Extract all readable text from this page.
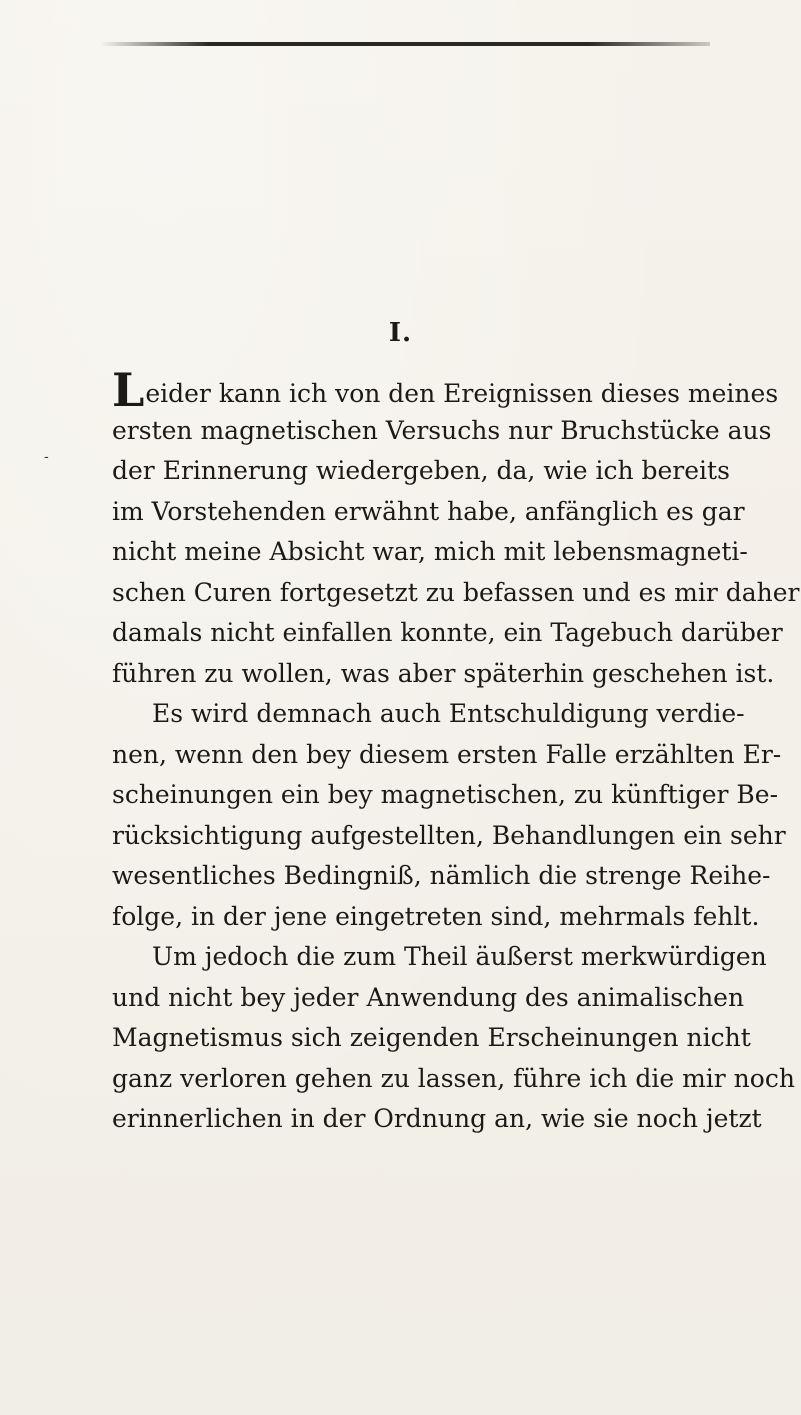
-
I.
Leider kann ich von den Ereignissen dieses meines
ersten magnetischen Versuchs nur Bruchstücke aus
der Erinnerung wiedergeben, da, wie ich bereits
im Vorstehenden erwähnt habe, anfänglich es gar
nicht meine Absicht war, mich mit lebensmagneti-
schen Curen fortgesetzt zu befassen und es mir daher
damals nicht einfallen konnte, ein Tagebuch darüber
führen zu wollen, was aber späterhin geschehen ist.
Es wird demnach auch Entschuldigung verdie-
nen, wenn den bey diesem ersten Falle erzählten Er-
scheinungen ein bey magnetischen, zu künftiger Be-
rücksichtigung aufgestellten, Behandlungen ein sehr
wesentliches Bedingniß, nämlich die strenge Reihe-
folge, in der jene eingetreten sind, mehrmals fehlt.
Um jedoch die zum Theil äußerst merkwürdigen
und nicht bey jeder Anwendung des animalischen
Magnetismus sich zeigenden Erscheinungen nicht
ganz verloren gehen zu lassen, führe ich die mir noch
erinnerlichen in der Ordnung an, wie sie noch jetzt
